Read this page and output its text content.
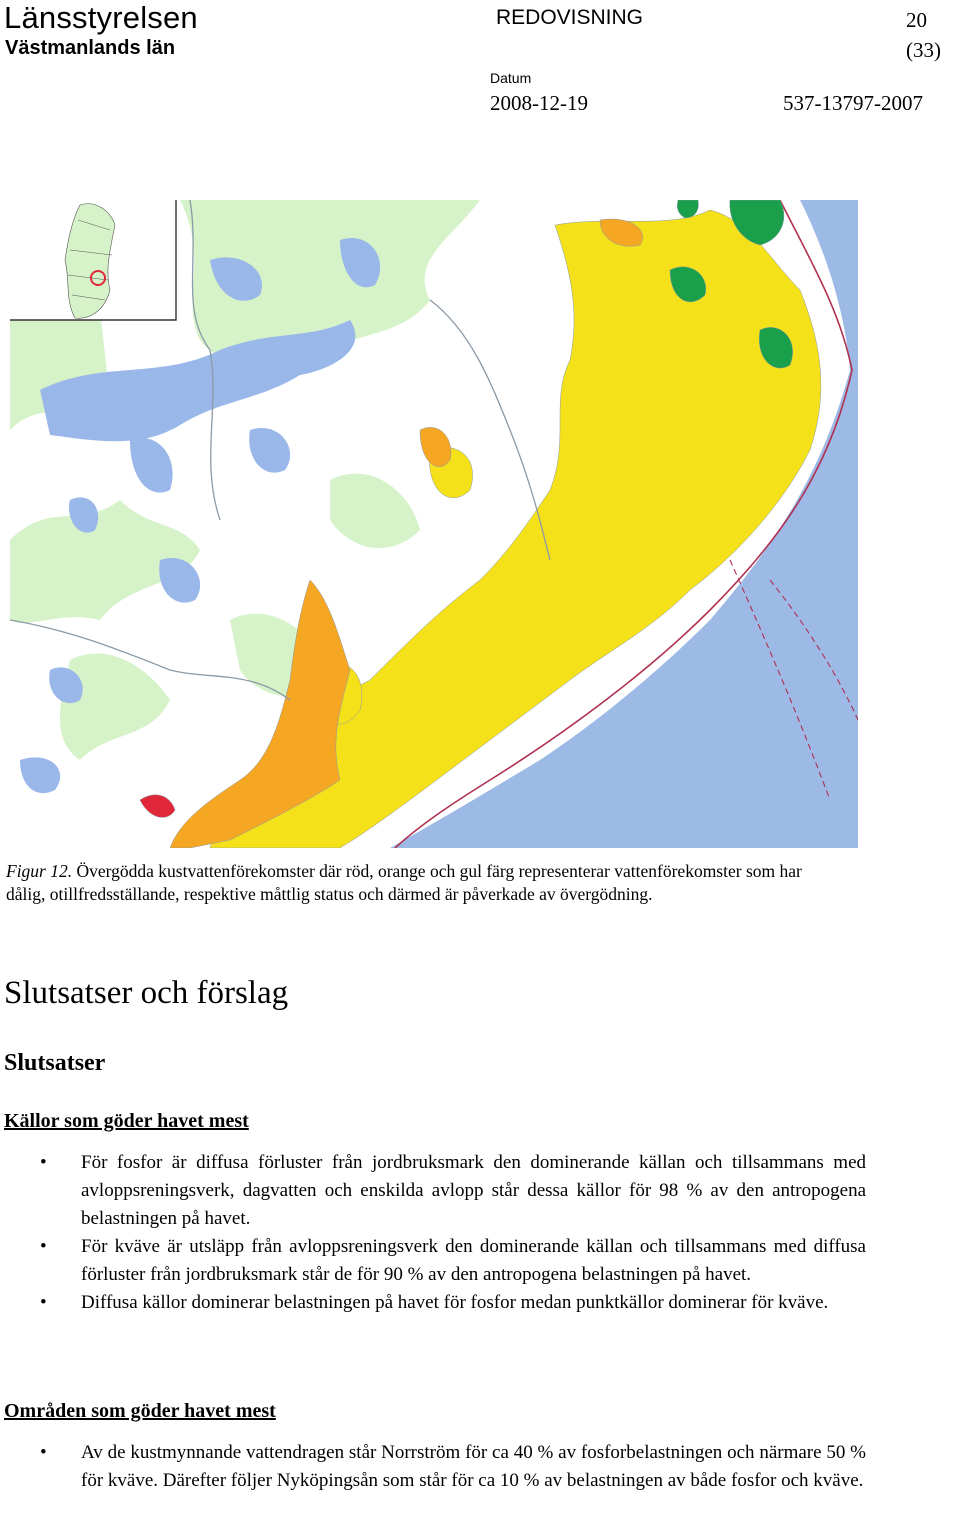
Länsstyrelsen
Västmanlands län
REDOVISNING	20
(33)
Datum
2008-12-19	537-13797-2007
Figur 12. Övergödda kustvattenförekomster där röd, orange och gul färg representerar vattenförekomster som har dålig, otillfredsställande, respektive måttlig status och därmed är påverkade av övergödning.
Slutsatser och förslag
Slutsatser
Källor som göder havet mest
• För fosfor är diffusa förluster från jordbruksmark den dominerande källan och tillsammans med avloppsreningsverk, dagvatten och enskilda avlopp står dessa källor för 98 % av den antropogena belastningen på havet.
• För kväve är utsläpp från avloppsreningsverk den dominerande källan och tillsammans med diffusa förluster från jordbruksmark står de för 90 % av den antropogena belastningen på havet.
• Diffusa källor dominerar belastningen på havet för fosfor medan punktkällor dominerar för kväve.
Områden som göder havet mest
• Av de kustmynnande vattendragen står Norrström för ca 40 % av fosforbelastningen och närmare 50 % för kväve. Därefter följer Nyköpingsån som står för ca 10 % av belastningen av både fosfor och kväve.
